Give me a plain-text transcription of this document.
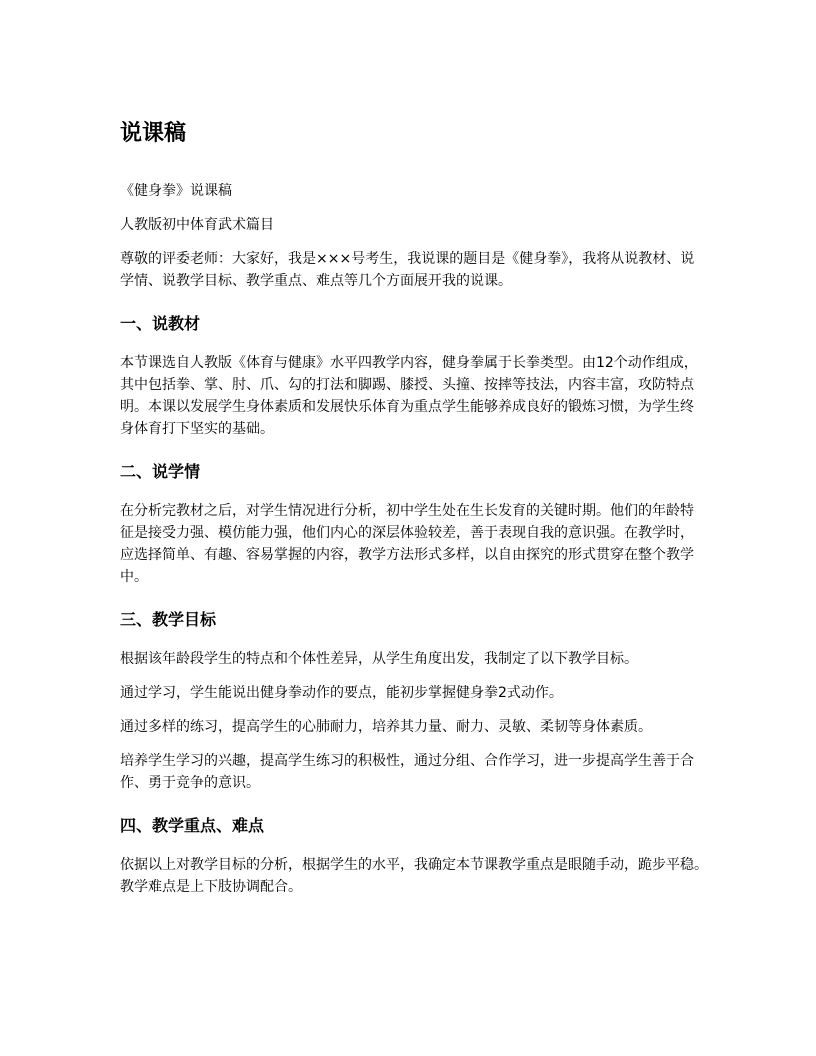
说课稿

《健身拳》说课稿

人教版初中体育武术篇目

尊敬的评委老师：大家好，我是×××号考生，我说课的题目是《健身拳》，我将从说教材、说学情、说教学目标、教学重点、难点等几个方面展开我的说课。

一、说教材

本节课选自人教版《体育与健康》水平四教学内容，健身拳属于长拳类型。由12个动作组成，其中包括拳、掌、肘、爪、勾的打法和脚踢、膝授、头撞、按摔等技法，内容丰富，攻防特点明。本课以发展学生身体素质和发展快乐体育为重点学生能够养成良好的锻炼习惯，为学生终身体育打下坚实的基础。

二、说学情

在分析完教材之后，对学生情况进行分析，初中学生处在生长发育的关键时期。他们的年龄特征是接受力强、模仿能力强，他们内心的深层体验较差，善于表现自我的意识强。在教学时，应选择简单、有趣、容易掌握的内容，教学方法形式多样，以自由探究的形式贯穿在整个教学中。

三、教学目标

根据该年龄段学生的特点和个体性差异，从学生角度出发，我制定了以下教学目标。

通过学习，学生能说出健身拳动作的要点，能初步掌握健身拳2式动作。

通过多样的练习，提高学生的心肺耐力，培养其力量、耐力、灵敏、柔韧等身体素质。

培养学生学习的兴趣，提高学生练习的积极性，通过分组、合作学习，进一步提高学生善于合作、勇于竞争的意识。

四、教学重点、难点

依据以上对教学目标的分析，根据学生的水平，我确定本节课教学重点是眼随手动，跪步平稳。教学难点是上下肢协调配合。
